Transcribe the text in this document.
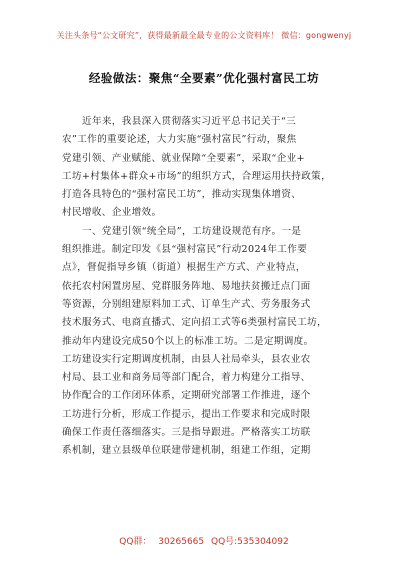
关注头条号“公文研究”，获得最新最全最专业的公文资料库！ 微信：gongwenyj
经验做法：聚焦“全要素”优化强村富民工坊
近年来，我县深入贯彻落实习近平总书记关于“三
农”工作的重要论述，大力实施“强村富民”行动，聚焦
党建引领、产业赋能、就业保障“全要素”，采取“企业+
工坊+村集体+群众+市场”的组织方式，合理运用扶持政策，
打造各具特色的“强村富民工坊”，推动实现集体增资、
村民增收、企业增效。
一、党建引领“统全局”，工坊建设规范有序。一是
组织推进。制定印发《县“强村富民”行动2024年工作要
点》，督促指导乡镇（街道）根据生产方式、产业特点，
依托农村闲置房屋、党群服务阵地、易地扶贫搬迁点门面
等资源，分别组建原料加工式、订单生产式、劳务服务式
技术服务式、电商直播式、定向招工式等6类强村富民工坊，
推动年内建设完成50个以上的标准工坊。二是定期调度。
工坊建设实行定期调度机制，由县人社局牵头，县农业农
村局、县工业和商务局等部门配合，着力构建分工指导、
协作配合的工作闭环体系，定期研究部署工作推进，逐个
工坊进行分析，形成工作提示，提出工作要求和完成时限
确保工作责任落细落实。三是指导跟进。严格落实工坊联
系机制，建立县级单位联建带建机制，组建工作组，定期
QQ群： 30265665 QQ号:535304092
